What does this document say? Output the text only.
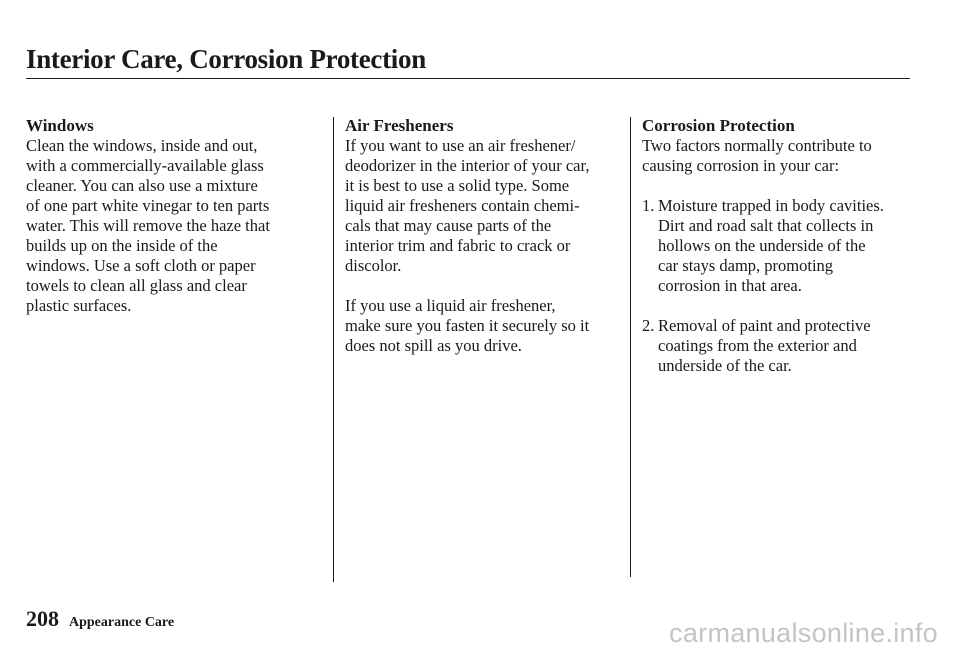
Interior Care, Corrosion Protection
Windows

Clean the windows, inside and out,
with a commercially-available glass
cleaner. You can also use a mixture
of one part white vinegar to ten parts
water. This will remove the haze that
builds up on the inside of the
windows. Use a soft cloth or paper
towels to clean all glass and clear
plastic surfaces.

Air Fresheners

If you want to use an air freshener/
deodorizer in the interior of your car,
it is best to use a solid type. Some
liquid air fresheners contain chemi-
cals that may cause parts of the
interior trim and fabric to crack or
discolor.

If you use a liquid air freshener,
make sure you fasten it securely so it
does not spill as you drive.

Corrosion Protection

Two factors normally contribute to
causing corrosion in your car:

1. Moisture trapped in body cavities.
Dirt and road salt that collects in
hollows on the underside of the
car stays damp, promoting
corrosion in that area.
2. Removal of paint and protective
coatings from the exterior and
underside of the car.
208 Appearance Care	carmanualsonline.info
